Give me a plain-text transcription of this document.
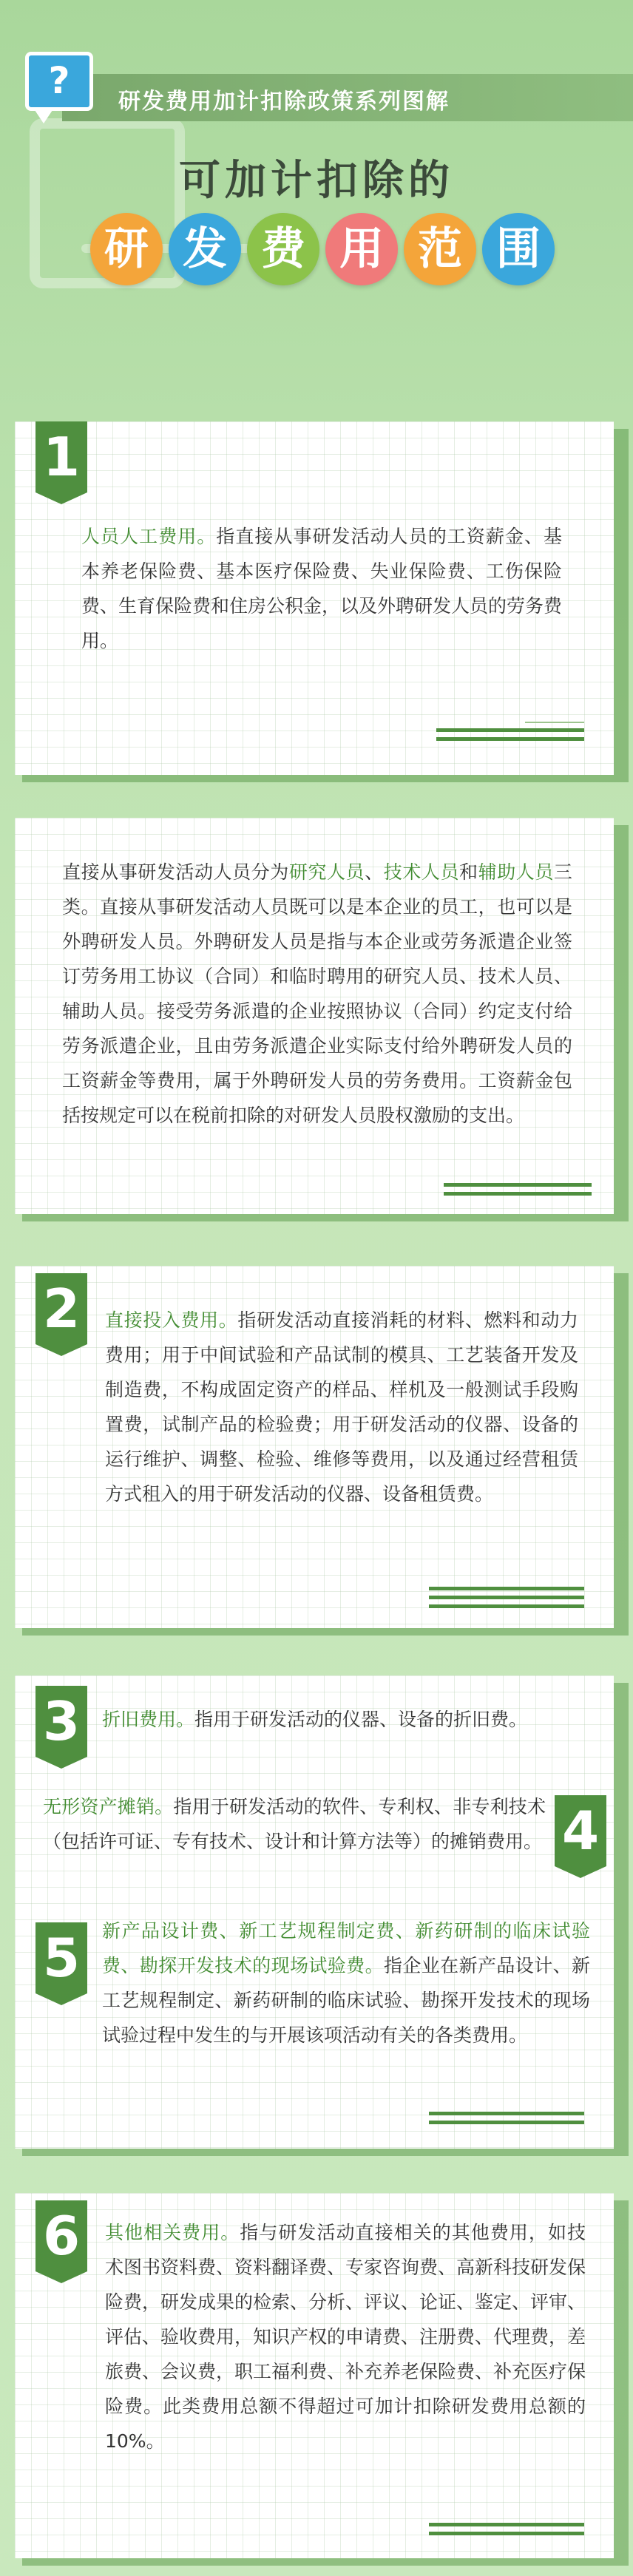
?	研发费用加计扣除政策系列图解
可加计扣除的
研 发 费 用 范 围
1
人员人工费用。指直接从事研发活动人员的工资薪金、基本养老保险费、基本医疗保险费、失业保险费、工伤保险费、生育保险费和住房公积金，以及外聘研发人员的劳务费用。
直接从事研发活动人员分为研究人员、技术人员和辅助人员三类。直接从事研发活动人员既可以是本企业的员工，也可以是外聘研发人员。外聘研发人员是指与本企业或劳务派遣企业签订劳务用工协议（合同）和临时聘用的研究人员、技术人员、辅助人员。接受劳务派遣的企业按照协议（合同）约定支付给劳务派遣企业，且由劳务派遣企业实际支付给外聘研发人员的工资薪金等费用，属于外聘研发人员的劳务费用。工资薪金包括按规定可以在税前扣除的对研发人员股权激励的支出。
2	直接投入费用。指研发活动直接消耗的材料、燃料和动力费用；用于中间试验和产品试制的模具、工艺装备开发及制造费，不构成固定资产的样品、样机及一般测试手段购置费，试制产品的检验费；用于研发活动的仪器、设备的运行维护、调整、检验、维修等费用，以及通过经营租赁方式租入的用于研发活动的仪器、设备租赁费。
3	折旧费用。指用于研发活动的仪器、设备的折旧费。
4
无形资产摊销。指用于研发活动的软件、专利权、非专利技术（包括许可证、专有技术、设计和计算方法等）的摊销费用。
5	新产品设计费、新工艺规程制定费、新药研制的临床试验费、勘探开发技术的现场试验费。指企业在新产品设计、新工艺规程制定、新药研制的临床试验、勘探开发技术的现场试验过程中发生的与开展该项活动有关的各类费用。
6	其他相关费用。指与研发活动直接相关的其他费用，如技术图书资料费、资料翻译费、专家咨询费、高新科技研发保险费，研发成果的检索、分析、评议、论证、鉴定、评审、评估、验收费用，知识产权的申请费、注册费、代理费，差旅费、会议费，职工福利费、补充养老保险费、补充医疗保险费。此类费用总额不得超过可加计扣除研发费用总额的10%。
